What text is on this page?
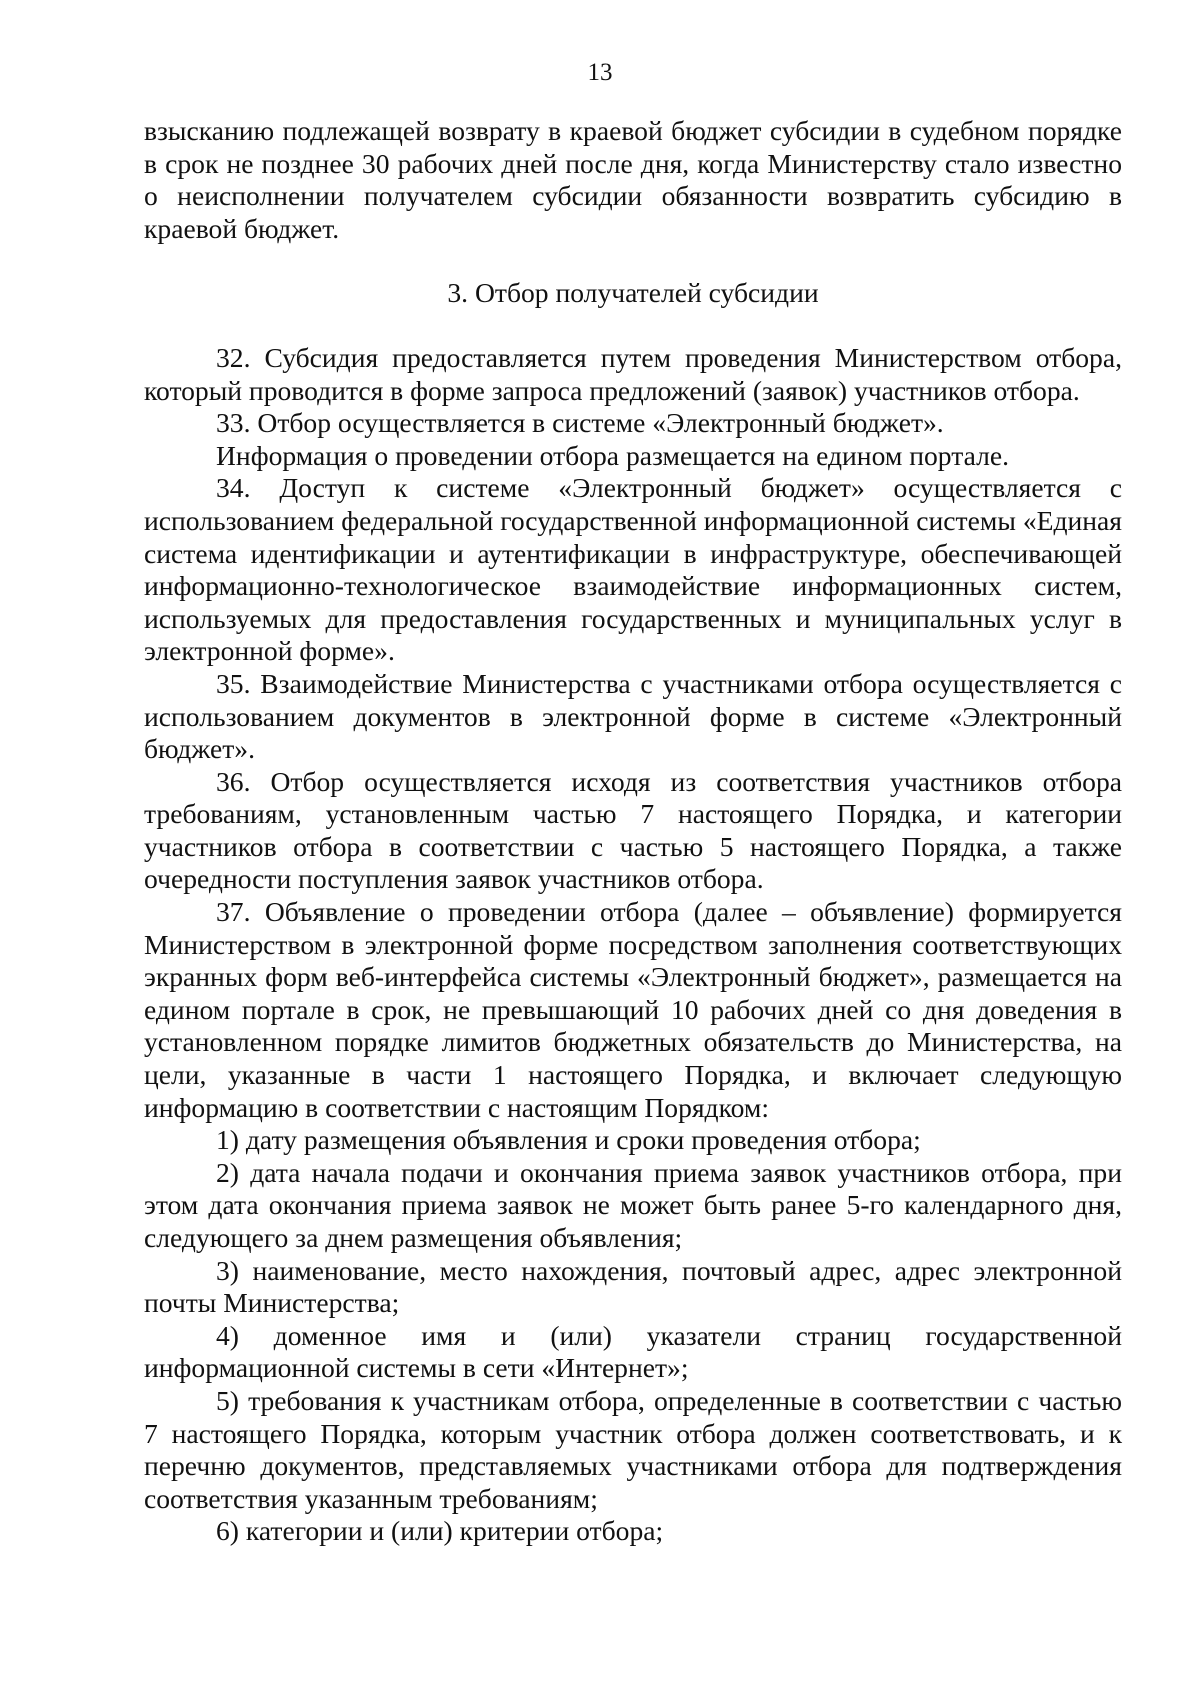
13

взысканию подлежащей возврату в краевой бюджет субсидии в судебном порядке в срок не позднее 30 рабочих дней после дня, когда Министерству стало известно о неисполнении получателем субсидии обязанности возвратить субсидию в краевой бюджет.

3. Отбор получателей субсидии

32. Субсидия предоставляется путем проведения Министерством отбора, который проводится в форме запроса предложений (заявок) участников отбора.

33. Отбор осуществляется в системе «Электронный бюджет».

Информация о проведении отбора размещается на едином портале.

34. Доступ к системе «Электронный бюджет» осуществляется с использованием федеральной государственной информационной системы «Единая система идентификации и аутентификации в инфраструктуре, обеспечивающей информационно-технологическое взаимодействие информационных систем, используемых для предоставления государственных и муниципальных услуг в электронной форме».

35. Взаимодействие Министерства с участниками отбора осуществляется с использованием документов в электронной форме в системе «Электронный бюджет».

36. Отбор осуществляется исходя из соответствия участников отбора требованиям, установленным частью 7 настоящего Порядка, и категории участников отбора в соответствии с частью 5 настоящего Порядка, а также очередности поступления заявок участников отбора.

37. Объявление о проведении отбора (далее – объявление) формируется Министерством в электронной форме посредством заполнения соответствующих экранных форм веб-интерфейса системы «Электронный бюджет», размещается на едином портале в срок, не превышающий 10 рабочих дней со дня доведения в установленном порядке лимитов бюджетных обязательств до Министерства, на цели, указанные в части 1 настоящего Порядка, и включает следующую информацию в соответствии с настоящим Порядком:

1) дату размещения объявления и сроки проведения отбора;

2) дата начала подачи и окончания приема заявок участников отбора, при этом дата окончания приема заявок не может быть ранее 5-го календарного дня, следующего за днем размещения объявления;

3) наименование, место нахождения, почтовый адрес, адрес электронной почты Министерства;

4) доменное имя и (или) указатели страниц государственной информационной системы в сети «Интернет»;

5) требования к участникам отбора, определенные в соответствии с частью 7 настоящего Порядка, которым участник отбора должен соответствовать, и к перечню документов, представляемых участниками отбора для подтверждения соответствия указанным требованиям;

6) категории и (или) критерии отбора;
